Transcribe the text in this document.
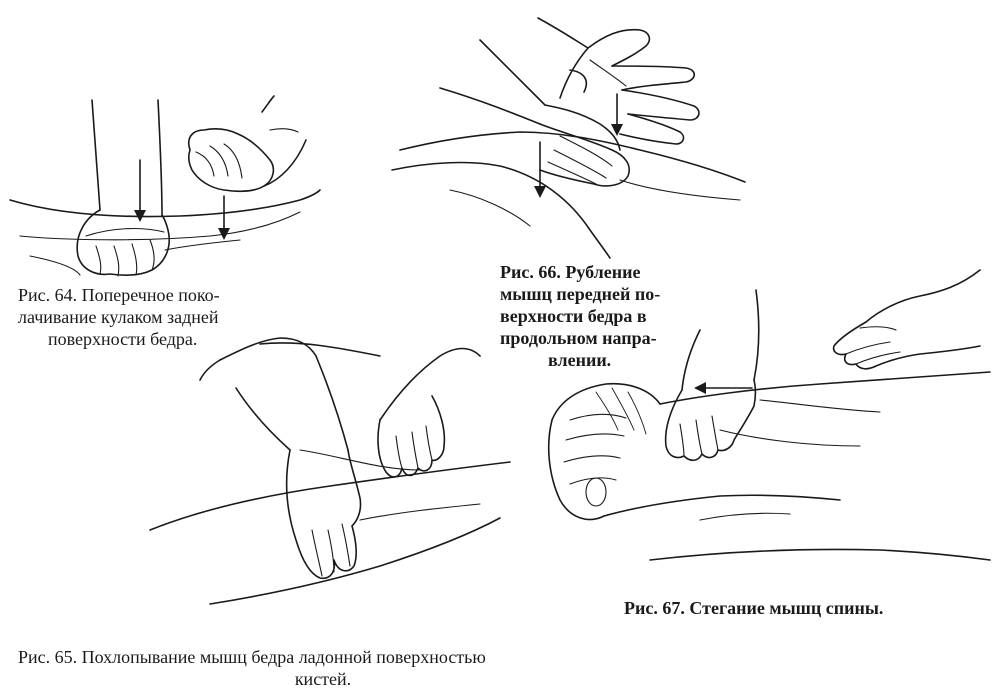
Рис. 64. Поперечное поко-
лачивание кулаком задней
поверхности бедра.
Рис. 66. Рубление
мышц передней по-
верхности бедра в
продольном напра-
влении.
Рис. 67. Стегание мышц спины.
Рис. 65. Похлопывание мышц бедра ладонной поверхностью
кистей.
